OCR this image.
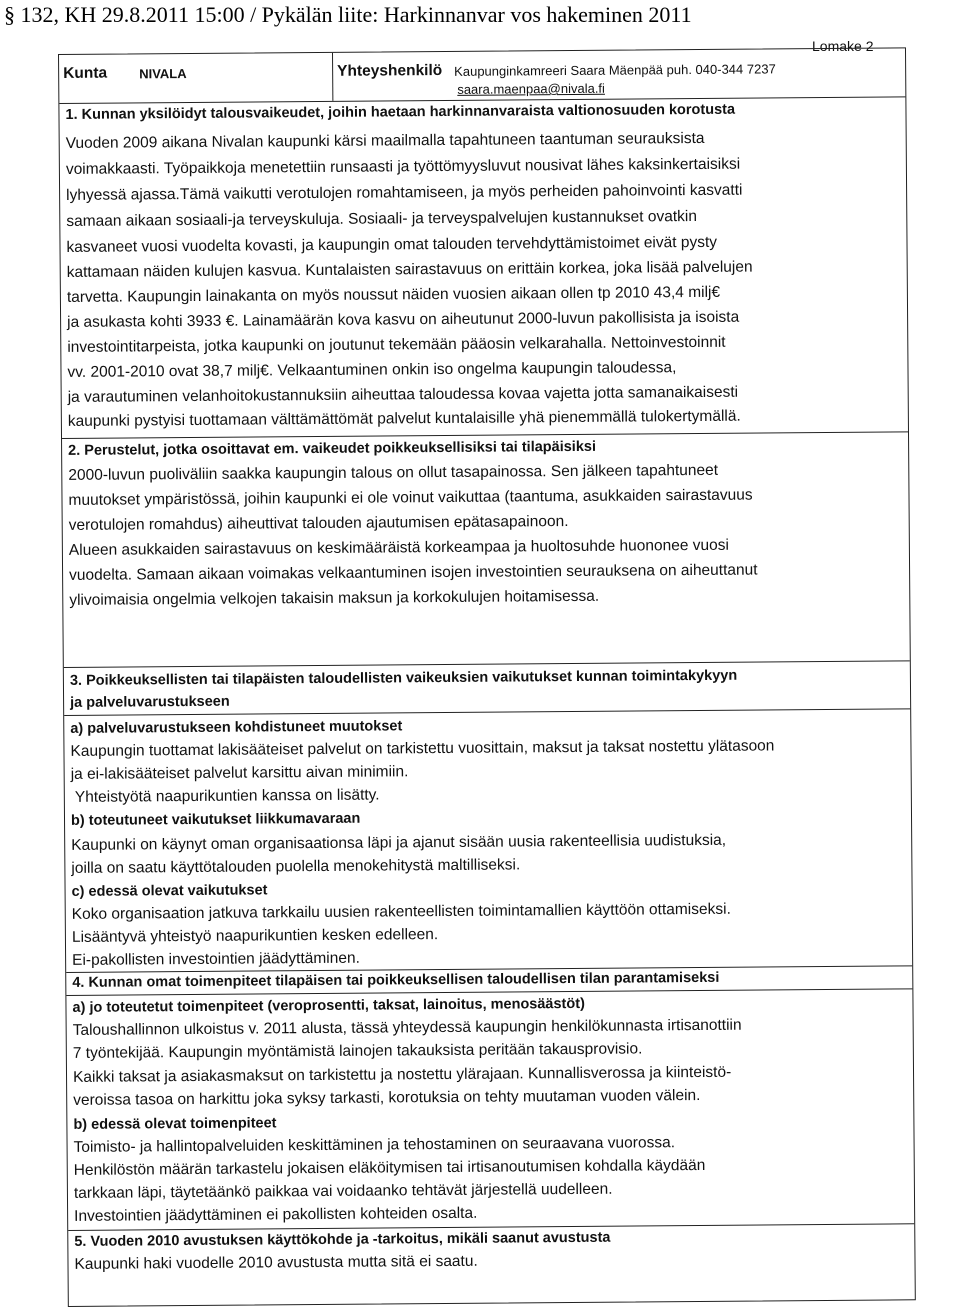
§ 132, KH 29.8.2011 15:00 / Pykälän liite: Harkinnanvar vos hakeminen 2011
Lomake 2
Kunta NIVALA	Yhteyshenkilö Kaupunginkamreeri Saara Mäenpää puh. 040-344 7237
saara.maenpaa@nivala.fi
1. Kunnan yksilöidyt talousvaikeudet, joihin haetaan harkinnanvaraista valtionosuuden korotusta
Vuoden 2009 aikana Nivalan kaupunki kärsi maailmalla tapahtuneen taantuman seurauksista
voimakkaasti. Työpaikkoja menetettiin runsaasti ja työttömyysluvut nousivat lähes kaksinkertaisiksi
lyhyessä ajassa.Tämä vaikutti verotulojen romahtamiseen, ja myös perheiden pahoinvointi kasvatti
samaan aikaan sosiaali-ja terveyskuluja. Sosiaali- ja terveyspalvelujen kustannukset ovatkin
kasvaneet vuosi vuodelta kovasti, ja kaupungin omat talouden tervehdyttämistoimet eivät pysty
kattamaan näiden kulujen kasvua. Kuntalaisten sairastavuus on erittäin korkea, joka lisää palvelujen
tarvetta. Kaupungin lainakanta on myös noussut näiden vuosien aikaan ollen tp 2010 43,4 milj€
ja asukasta kohti 3933 €. Lainamäärän kova kasvu on aiheutunut 2000-luvun pakollisista ja isoista
investointitarpeista, jotka kaupunki on joutunut tekemään pääosin velkarahalla. Nettoinvestoinnit
vv. 2001-2010 ovat 38,7 milj€. Velkaantuminen onkin iso ongelma kaupungin taloudessa,
ja varautuminen velanhoitokustannuksiin aiheuttaa taloudessa kovaa vajetta jotta samanaikaisesti
kaupunki pystyisi tuottamaan välttämättömät palvelut kuntalaisille yhä pienemmällä tulokertymällä.
2. Perustelut, jotka osoittavat em. vaikeudet poikkeuksellisiksi tai tilapäisiksi
2000-luvun puoliväliin saakka kaupungin talous on ollut tasapainossa. Sen jälkeen tapahtuneet
muutokset ympäristössä, joihin kaupunki ei ole voinut vaikuttaa (taantuma, asukkaiden sairastavuus
verotulojen romahdus) aiheuttivat talouden ajautumisen epätasapainoon.
Alueen asukkaiden sairastavuus on keskimääräistä korkeampaa ja huoltosuhde huononee vuosi
vuodelta. Samaan aikaan voimakas velkaantuminen isojen investointien seurauksena on aiheuttanut
ylivoimaisia ongelmia velkojen takaisin maksun ja korkokulujen hoitamisessa.
3. Poikkeuksellisten tai tilapäisten taloudellisten vaikeuksien vaikutukset kunnan toimintakykyyn
ja palveluvarustukseen
a) palveluvarustukseen kohdistuneet muutokset
Kaupungin tuottamat lakisääteiset palvelut on tarkistettu vuosittain, maksut ja taksat nostettu ylätasoon
ja ei-lakisääteiset palvelut karsittu aivan minimiin.
Yhteistyötä naapurikuntien kanssa on lisätty.
b) toteutuneet vaikutukset liikkumavaraan
Kaupunki on käynyt oman organisaationsa läpi ja ajanut sisään uusia rakenteellisia uudistuksia,
joilla on saatu käyttötalouden puolella menokehitystä maltilliseksi.
c) edessä olevat vaikutukset
Koko organisaation jatkuva tarkkailu uusien rakenteellisten toimintamallien käyttöön ottamiseksi.
Lisääntyvä yhteistyö naapurikuntien kesken edelleen.
Ei-pakollisten investointien jäädyttäminen.
4. Kunnan omat toimenpiteet tilapäisen tai poikkeuksellisen taloudellisen tilan parantamiseksi
a) jo toteutetut toimenpiteet (veroprosentti, taksat, lainoitus, menosäästöt)
Taloushallinnon ulkoistus v. 2011 alusta, tässä yhteydessä kaupungin henkilökunnasta irtisanottiin
7 työntekijää. Kaupungin myöntämistä lainojen takauksista peritään takausprovisio.
Kaikki taksat ja asiakasmaksut on tarkistettu ja nostettu ylärajaan. Kunnallisverossa ja kiinteistö-
veroissa tasoa on harkittu joka syksy tarkasti, korotuksia on tehty muutaman vuoden välein.
b) edessä olevat toimenpiteet
Toimisto- ja hallintopalveluiden keskittäminen ja tehostaminen on seuraavana vuorossa.
Henkilöstön määrän tarkastelu jokaisen eläköitymisen tai irtisanoutumisen kohdalla käydään
tarkkaan läpi, täytetäänkö paikkaa vai voidaanko tehtävät järjestellä uudelleen.
Investointien jäädyttäminen ei pakollisten kohteiden osalta.
5. Vuoden 2010 avustuksen käyttökohde ja -tarkoitus, mikäli saanut avustusta
Kaupunki haki vuodelle 2010 avustusta mutta sitä ei saatu.
